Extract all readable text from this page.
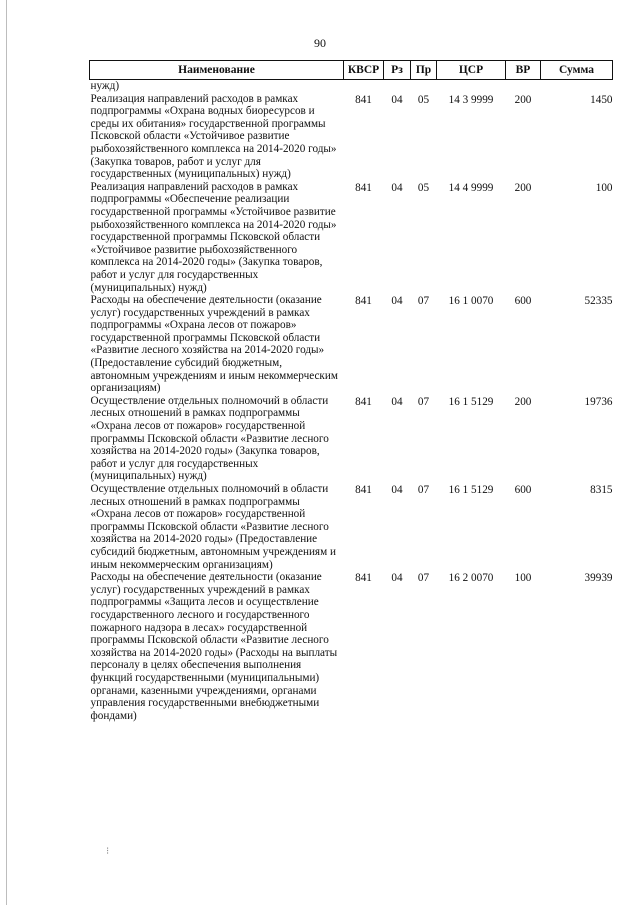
90
Наименование	КВСР	Рз	Пр	ЦСР	ВР	Сумма
нужд)						
Реализация направлений расходов в рамках подпрограммы «Охрана водных биоресурсов и среды их обитания» государственной программы Псковской области «Устойчивое развитие рыбохозяйственного комплекса на 2014-2020 годы» (Закупка товаров, работ и услуг для государственных (муниципальных) нужд)	841	04	05	14 3 9999	200	1450
Реализация направлений расходов в рамках подпрограммы «Обеспечение реализации государственной программы «Устойчивое развитие рыбохозяйственного комплекса на 2014-2020 годы» государственной программы Псковской области «Устойчивое развитие рыбохозяйственного комплекса на 2014-2020 годы» (Закупка товаров, работ и услуг для государственных (муниципальных) нужд)	841	04	05	14 4 9999	200	100
Расходы на обеспечение деятельности (оказание услуг) государственных учреждений в рамках подпрограммы «Охрана лесов от пожаров» государственной программы Псковской области «Развитие лесного хозяйства на 2014-2020 годы» (Предоставление субсидий бюджетным, автономным учреждениям и иным некоммерческим организациям)	841	04	07	16 1 0070	600	52335
Осуществление отдельных полномочий в области лесных отношений в рамках подпрограммы «Охрана лесов от пожаров» государственной программы Псковской области «Развитие лесного хозяйства на 2014-2020 годы» (Закупка товаров, работ и услуг для государственных (муниципальных) нужд)	841	04	07	16 1 5129	200	19736
Осуществление отдельных полномочий в области лесных отношений в рамках подпрограммы «Охрана лесов от пожаров» государственной программы Псковской области «Развитие лесного хозяйства на 2014-2020 годы» (Предоставление субсидий бюджетным, автономным учреждениям и иным некоммерческим организациям)	841	04	07	16 1 5129	600	8315
Расходы на обеспечение деятельности (оказание услуг) государственных учреждений в рамках подпрограммы «Защита лесов и осуществление государственного лесного и государственного пожарного надзора в лесах» государственной программы Псковской области «Развитие лесного хозяйства на 2014-2020 годы» (Расходы на выплаты персоналу в целях обеспечения выполнения функций государственными (муниципальными) органами, казенными учреждениями, органами управления государственными внебюджетными фондами)	841	04	07	16 2 0070	100	39939
⁝
